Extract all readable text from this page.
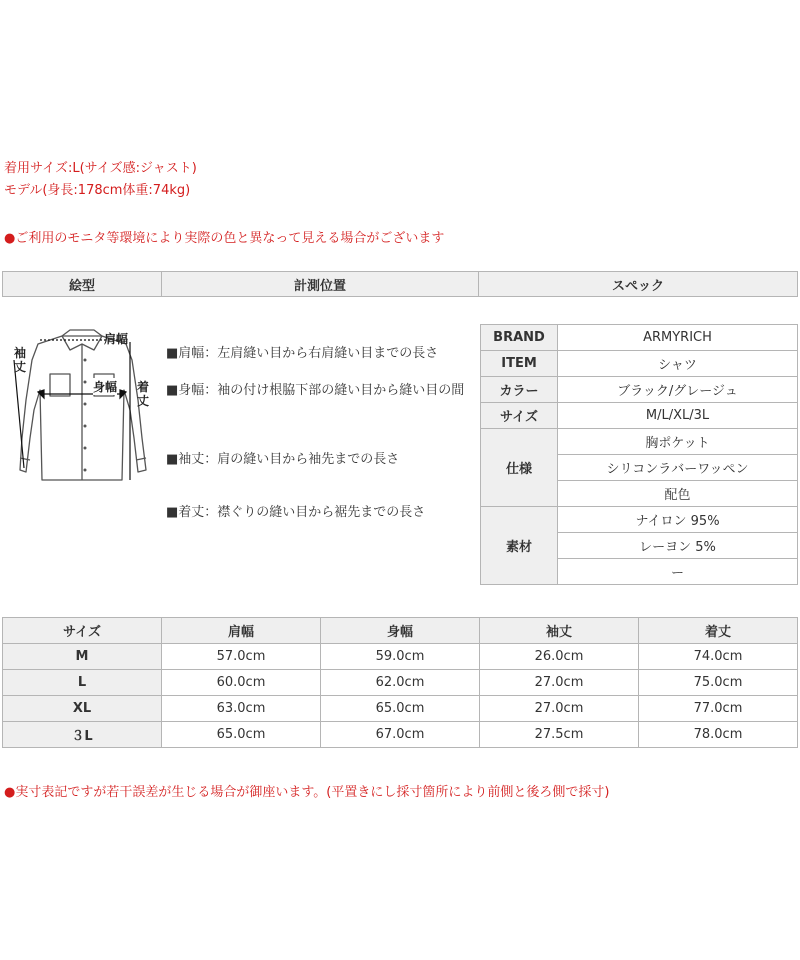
着用サイズ:L(サイズ感:ジャスト)
モデル(身長:178cm体重:74kg)
●ご利用のモニタ等環境により実際の色と異なって見える場合がございます
絵型	計測位置	スペック
肩幅
身幅
袖
丈
着
丈
■肩幅：左肩縫い目から右肩縫い目までの長さ
■身幅：袖の付け根脇下部の縫い目から縫い目の間
■袖丈：肩の縫い目から袖先までの長さ
■着丈：襟ぐりの縫い目から裾先までの長さ
BRAND	ARMYRICH
ITEM	シャツ
カラー	ブラック/グレージュ
サイズ	M/L/XL/3L
仕様	胸ポケット
	シリコンラバーワッペン
	配色
素材	ナイロン 95%
	レーヨン 5%
	ー
サイズ	肩幅	身幅	袖丈	着丈
M	57.0cm	59.0cm	26.0cm	74.0cm
L	60.0cm	62.0cm	27.0cm	75.0cm
XL	63.0cm	65.0cm	27.0cm	77.0cm
３L	65.0cm	67.0cm	27.5cm	78.0cm
●実寸表記ですが若干誤差が生じる場合が御座います。(平置きにし採寸箇所により前側と後ろ側で採寸)
